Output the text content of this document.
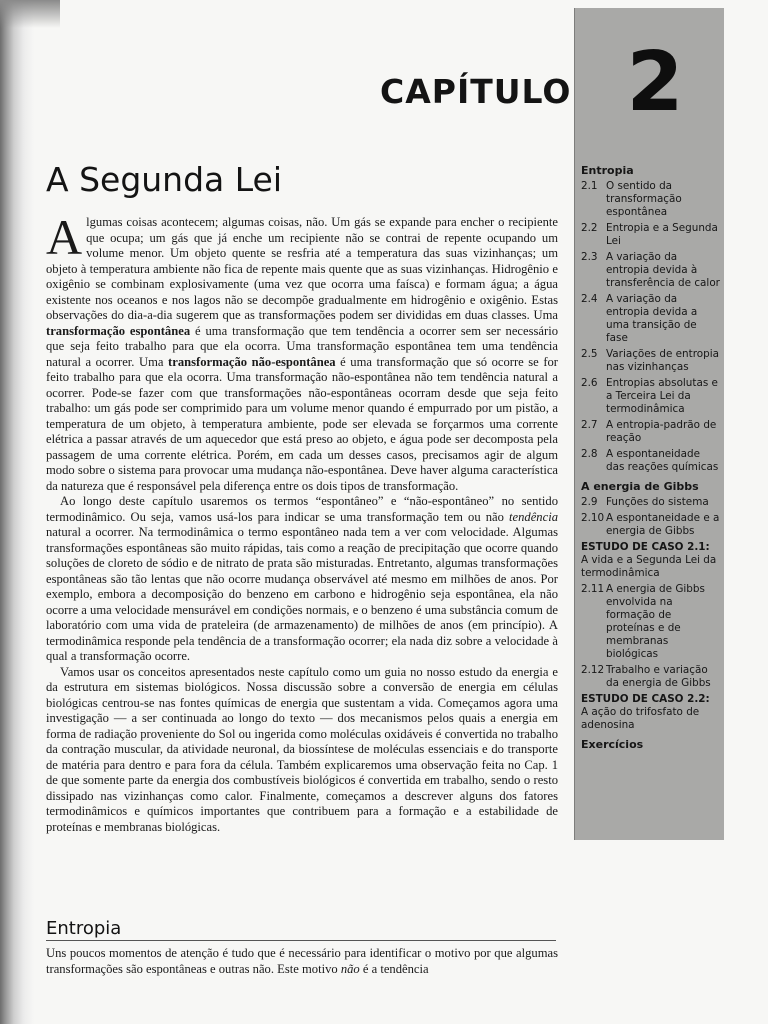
Entropia
2.1 O sentido da transformação espontânea
2.2 Entropia e a Segunda Lei
2.3 A variação da entropia devida à transferência de calor
2.4 A variação da entropia devida a uma transição de fase
2.5 Variações de entropia nas vizinhanças
2.6 Entropias absolutas e a Terceira Lei da termodinâmica
2.7 A entropia-padrão de reação
2.8 A espontaneidade das reações químicas
A energia de Gibbs
2.9 Funções do sistema
2.10 A espontaneidade e a energia de Gibbs
ESTUDO DE CASO 2.1:
A vida e a Segunda Lei da termodinâmica
2.11 A energia de Gibbs envolvida na formação de proteínas e de membranas biológicas
2.12 Trabalho e variação da energia de Gibbs
ESTUDO DE CASO 2.2:
A ação do trifosfato de adenosina
Exercícios
CAPÍTULO 2
A Segunda Lei

Algumas coisas acontecem; algumas coisas, não. Um gás se expande para encher o recipiente que ocupa; um gás que já enche um recipiente não se contrai de repente ocupando um volume menor. Um objeto quente se resfria até a temperatura das suas vizinhanças; um objeto à temperatura ambiente não fica de repente mais quente que as suas vizinhanças. Hidrogênio e oxigênio se combinam explosivamente (uma vez que ocorra uma faísca) e formam água; a água existente nos oceanos e nos lagos não se decompõe gradualmente em hidrogênio e oxigênio. Estas observações do dia-a-dia sugerem que as transformações podem ser divididas em duas classes. Uma transformação espontânea é uma transformação que tem tendência a ocorrer sem ser necessário que seja feito trabalho para que ela ocorra. Uma transformação espontânea tem uma tendência natural a ocorrer. Uma transformação não-espontânea é uma transformação que só ocorre se for feito trabalho para que ela ocorra. Uma transformação não-espontânea não tem tendência natural a ocorrer. Pode-se fazer com que transformações não-espontâneas ocorram desde que seja feito trabalho: um gás pode ser comprimido para um volume menor quando é empurrado por um pistão, a temperatura de um objeto, à temperatura ambiente, pode ser elevada se forçarmos uma corrente elétrica a passar através de um aquecedor que está preso ao objeto, e água pode ser decomposta pela passagem de uma corrente elétrica. Porém, em cada um desses casos, precisamos agir de algum modo sobre o sistema para provocar uma mudança não-espontânea. Deve haver alguma característica da natureza que é responsável pela diferença entre os dois tipos de transformação.

Ao longo deste capítulo usaremos os termos “espontâneo” e “não-espontâneo” no sentido termodinâmico. Ou seja, vamos usá-los para indicar se uma transformação tem ou não tendência natural a ocorrer. Na termodinâmica o termo espontâneo nada tem a ver com velocidade. Algumas transformações espontâneas são muito rápidas, tais como a reação de precipitação que ocorre quando soluções de cloreto de sódio e de nitrato de prata são misturadas. Entretanto, algumas transformações espontâneas são tão lentas que não ocorre mudança observável até mesmo em milhões de anos. Por exemplo, embora a decomposição do benzeno em carbono e hidrogênio seja espontânea, ela não ocorre a uma velocidade mensurável em condições normais, e o benzeno é uma substância comum de laboratório com uma vida de prateleira (de armazenamento) de milhões de anos (em princípio). A termodinâmica responde pela tendência de a transformação ocorrer; ela nada diz sobre a velocidade à qual a transformação ocorre.

Vamos usar os conceitos apresentados neste capítulo como um guia no nosso estudo da energia e da estrutura em sistemas biológicos. Nossa discussão sobre a conversão de energia em células biológicas centrou-se nas fontes químicas de energia que sustentam a vida. Começamos agora uma investigação — a ser continuada ao longo do texto — dos mecanismos pelos quais a energia em forma de radiação proveniente do Sol ou ingerida como moléculas oxidáveis é convertida no trabalho da contração muscular, da atividade neuronal, da biossíntese de moléculas essenciais e do transporte de matéria para dentro e para fora da célula. Também explicaremos uma observação feita no Cap. 1 de que somente parte da energia dos combustíveis biológicos é convertida em trabalho, sendo o resto dissipado nas vizinhanças como calor. Finalmente, começamos a descrever alguns dos fatores termodinâmicos e químicos importantes que contribuem para a formação e a estabilidade de proteínas e membranas biológicas.

Entropia
Uns poucos momentos de atenção é tudo que é necessário para identificar o motivo por que algumas transformações são espontâneas e outras não. Este motivo não é a tendência
